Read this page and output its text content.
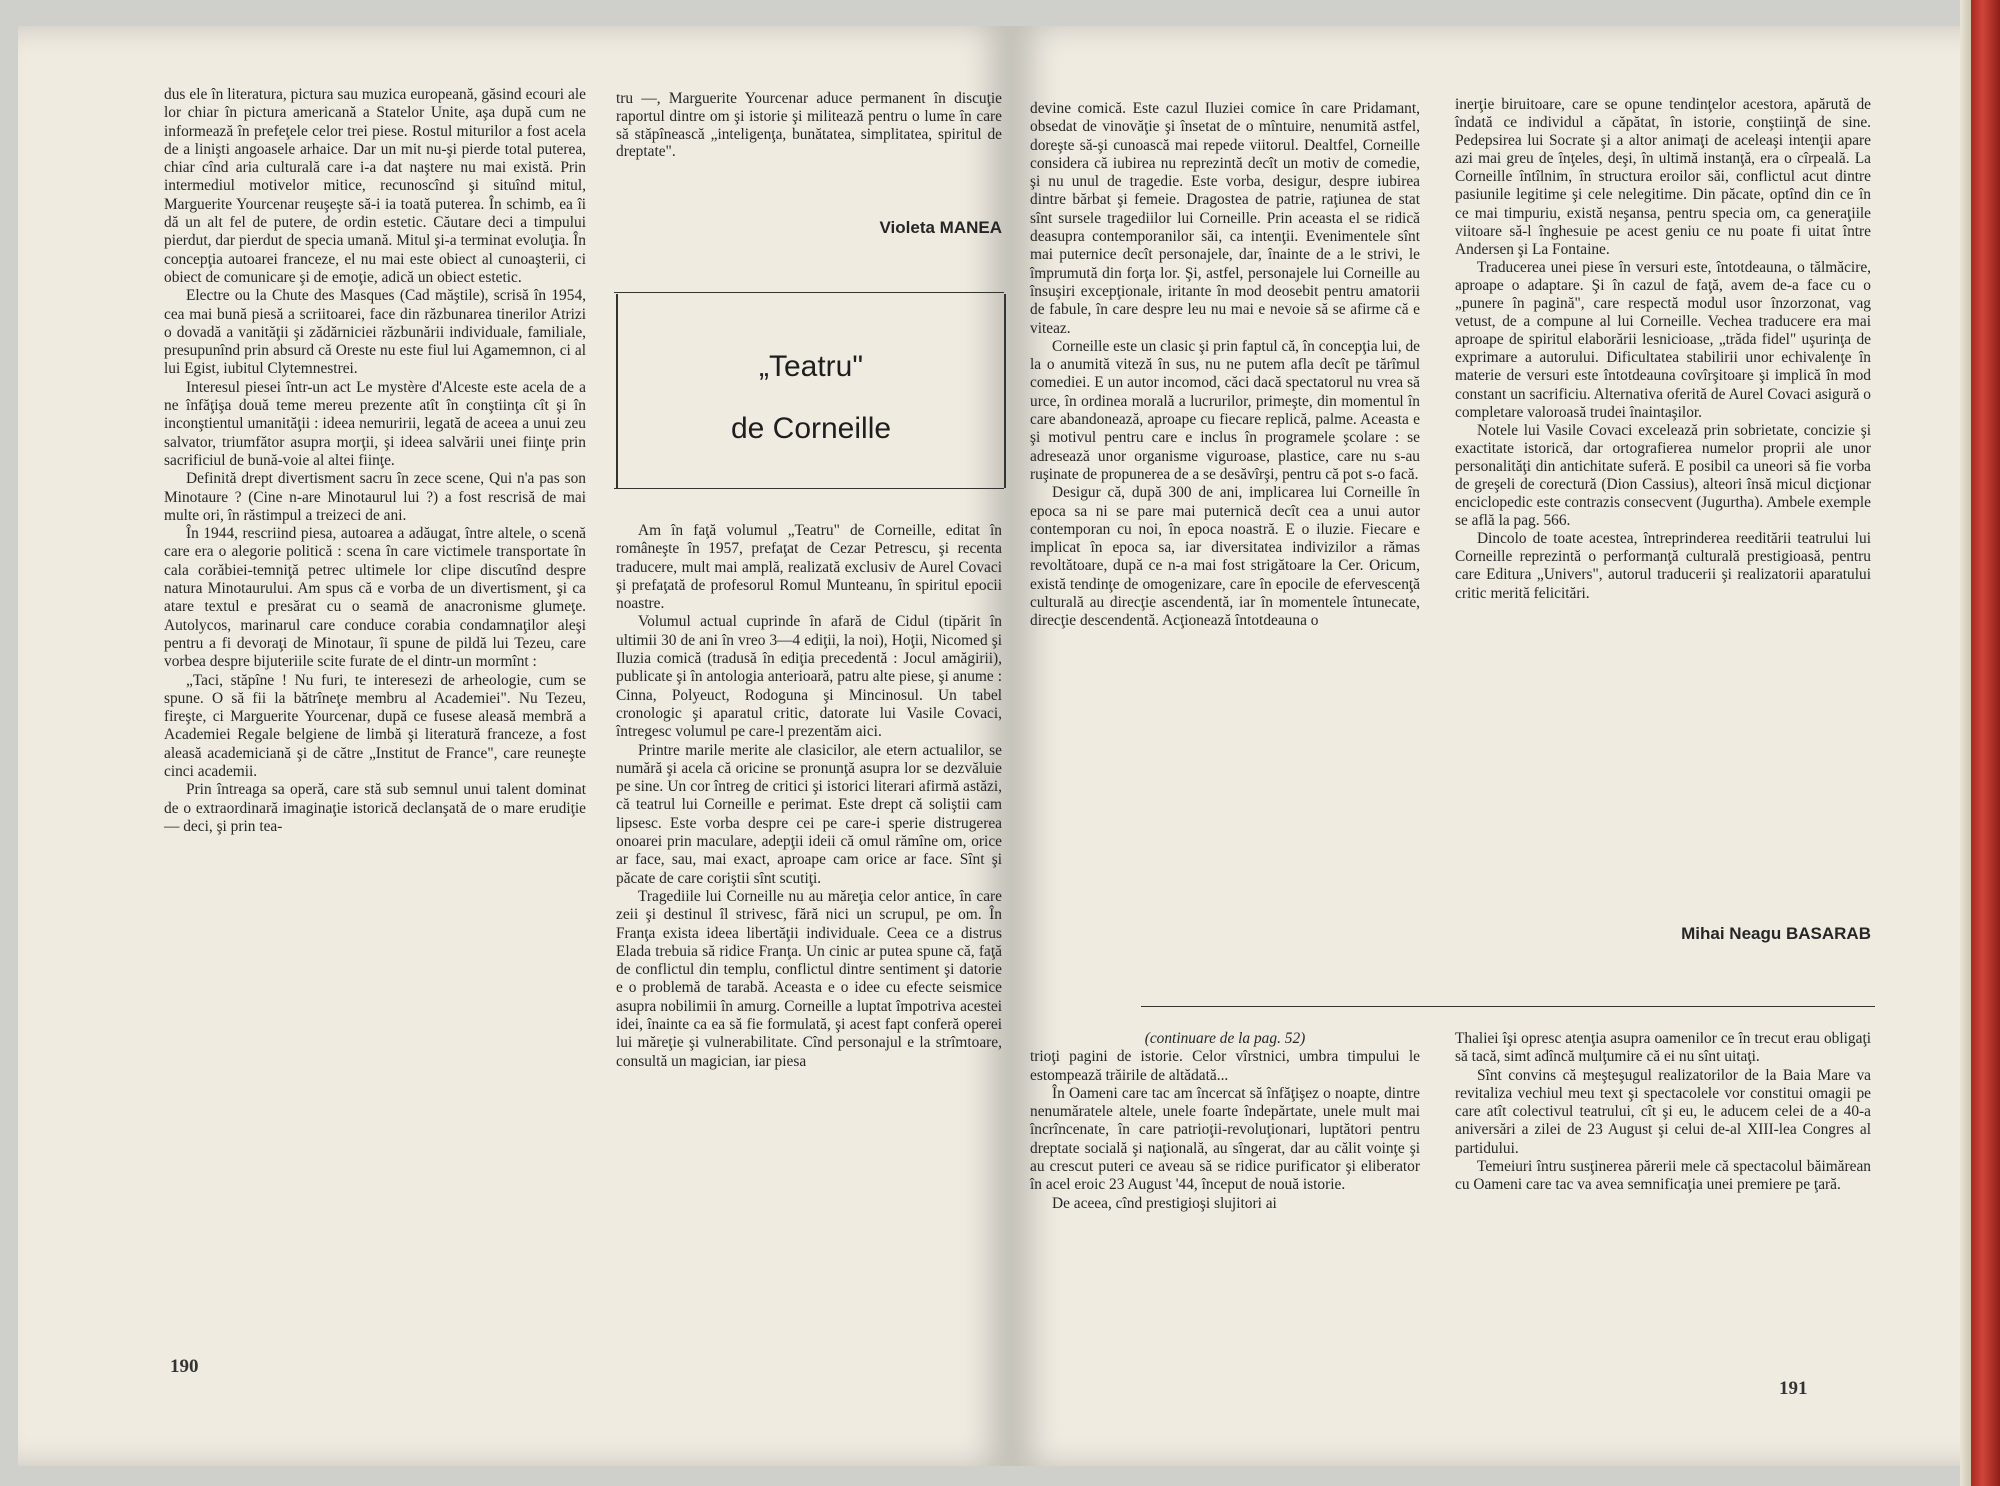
dus ele în literatura, pictura sau muzica europeană, găsind ecouri ale lor chiar în pictura americană a Statelor Unite, aşa după cum ne informează în prefeţele celor trei piese. Rostul miturilor a fost acela de a linişti angoasele arhaice. Dar un mit nu-şi pierde total puterea, chiar cînd aria culturală care i-a dat naştere nu mai există. Prin intermediul motivelor mitice, recunoscînd şi situînd mitul, Marguerite Yourcenar reuşeşte să-i ia toată puterea. În schimb, ea îi dă un alt fel de putere, de ordin estetic. Căutare deci a timpului pierdut, dar pierdut de specia umană. Mitul şi-a terminat evoluţia. În concepţia autoarei franceze, el nu mai este obiect al cunoaşterii, ci obiect de comunicare şi de emoţie, adică un obiect estetic.

Electre ou la Chute des Masques (Cad măştile), scrisă în 1954, cea mai bună piesă a scriitoarei, face din răzbunarea tinerilor Atrizi o dovadă a vanităţii şi zădărniciei răzbunării individuale, familiale, presupunînd prin absurd că Oreste nu este fiul lui Agamemnon, ci al lui Egist, iubitul Clytemnestrei.

Interesul piesei într-un act Le mystère d'Alceste este acela de a ne înfăţişa două teme mereu prezente atît în conştiinţa cît şi în inconştientul umanităţii : ideea nemuririi, legată de aceea a unui zeu salvator, triumfător asupra morţii, şi ideea salvării unei fiinţe prin sacrificiul de bună-voie al altei fiinţe.

Definită drept divertisment sacru în zece scene, Qui n'a pas son Minotaure ? (Cine n-are Minotaurul lui ?) a fost rescrisă de mai multe ori, în răstimpul a treizeci de ani.

În 1944, rescriind piesa, autoarea a adăugat, între altele, o scenă care era o alegorie politică : scena în care victimele transportate în cala corăbiei-temniţă petrec ultimele lor clipe discutînd despre natura Minotaurului. Am spus că e vorba de un divertisment, şi ca atare textul e presărat cu o seamă de anacronisme glumeţe. Autolycos, marinarul care conduce corabia condamnaţilor aleşi pentru a fi devoraţi de Minotaur, îi spune de pildă lui Tezeu, care vorbea despre bijuteriile scite furate de el dintr-un mormînt :

„Taci, stăpîne ! Nu furi, te interesezi de arheologie, cum se spune. O să fii la bătrîneţe membru al Academiei". Nu Tezeu, fireşte, ci Marguerite Yourcenar, după ce fusese aleasă membră a Academiei Regale belgiene de limbă şi literatură franceze, a fost aleasă academiciană şi de către „Institut de France", care reuneşte cinci academii.

Prin întreaga sa operă, care stă sub semnul unui talent dominat de o extraordinară imaginaţie istorică declanşată de o mare erudiţie — deci, şi prin tea-

tru —, Marguerite Yourcenar aduce permanent în discuţie raportul dintre om şi istorie şi militează pentru o lume în care să stăpînească „inteligenţa, bunătatea, simplitatea, spiritul de dreptate".

Violeta MANEA
„Teatru"
de Corneille

Am în faţă volumul „Teatru" de Corneille, editat în româneşte în 1957, prefaţat de Cezar Petrescu, şi recenta traducere, mult mai amplă, realizată exclusiv de Aurel Covaci şi prefaţată de profesorul Romul Munteanu, în spiritul epocii noastre.

Volumul actual cuprinde în afară de Cidul (tipărit în ultimii 30 de ani în vreo 3—4 ediţii, la noi), Hoţii, Nicomed şi Iluzia comică (tradusă în ediţia precedentă : Jocul amăgirii), publicate şi în antologia anterioară, patru alte piese, şi anume : Cinna, Polyeuct, Rodoguna şi Mincinosul. Un tabel cronologic şi aparatul critic, datorate lui Vasile Covaci, întregesc volumul pe care-l prezentăm aici.

Printre marile merite ale clasicilor, ale etern actualilor, se numără şi acela că oricine se pronunţă asupra lor se dezvăluie pe sine. Un cor întreg de critici şi istorici literari afirmă astăzi, că teatrul lui Corneille e perimat. Este drept că soliştii cam lipsesc. Este vorba despre cei pe care-i sperie distrugerea onoarei prin maculare, adepţii ideii că omul rămîne om, orice ar face, sau, mai exact, aproape cam orice ar face. Sînt şi păcate de care coriştii sînt scutiţi.

Tragediile lui Corneille nu au măreţia celor antice, în care zeii şi destinul îl strivesc, fără nici un scrupul, pe om. În Franţa exista ideea libertăţii individuale. Ceea ce a distrus Elada trebuia să ridice Franţa. Un cinic ar putea spune că, faţă de conflictul din templu, conflictul dintre sentiment şi datorie e o problemă de tarabă. Aceasta e o idee cu efecte seismice asupra nobilimii în amurg. Corneille a luptat împotriva acestei idei, înainte ca ea să fie formulată, şi acest fapt conferă operei lui măreţie şi vulnerabilitate. Cînd personajul e la strîmtoare, consultă un magician, iar piesa

190

devine comică. Este cazul Iluziei comice în care Pridamant, obsedat de vinovăţie şi însetat de o mîntuire, nenumită astfel, doreşte să-şi cunoască mai repede viitorul. Dealtfel, Corneille considera că iubirea nu reprezintă decît un motiv de comedie, şi nu unul de tragedie. Este vorba, desigur, despre iubirea dintre bărbat şi femeie. Dragostea de patrie, raţiunea de stat sînt sursele tragediilor lui Corneille. Prin aceasta el se ridică deasupra contemporanilor săi, ca intenţii. Evenimentele sînt mai puternice decît personajele, dar, înainte de a le strivi, le împrumută din forţa lor. Şi, astfel, personajele lui Corneille au însuşiri excepţionale, iritante în mod deosebit pentru amatorii de fabule, în care despre leu nu mai e nevoie să se afirme că e viteaz.

Corneille este un clasic şi prin faptul că, în concepţia lui, de la o anumită viteză în sus, nu ne putem afla decît pe tărîmul comediei. E un autor incomod, căci dacă spectatorul nu vrea să urce, în ordinea morală a lucrurilor, primeşte, din momentul în care abandonează, aproape cu fiecare replică, palme. Aceasta e şi motivul pentru care e inclus în programele şcolare : se adresează unor organisme viguroase, plastice, care nu s-au ruşinate de propunerea de a se desăvîrşi, pentru că pot s-o facă.

Desigur că, după 300 de ani, implicarea lui Corneille în epoca sa ni se pare mai puternică decît cea a unui autor contemporan cu noi, în epoca noastră. E o iluzie. Fiecare e implicat în epoca sa, iar diversitatea indivizilor a rămas revoltătoare, după ce n-a mai fost strigătoare la Cer. Oricum, există tendinţe de omogenizare, care în epocile de efervescenţă culturală au direcţie ascendentă, iar în momentele întunecate, direcţie descendentă. Acţionează întotdeauna o

inerţie biruitoare, care se opune tendinţelor acestora, apărută de îndată ce individul a căpătat, în istorie, conştiinţă de sine. Pedepsirea lui Socrate şi a altor animaţi de aceleaşi intenţii apare azi mai greu de înţeles, deşi, în ultimă instanţă, era o cîrpeală. La Corneille întîlnim, în structura eroilor săi, conflictul acut dintre pasiunile legitime şi cele nelegitime. Din păcate, optînd din ce în ce mai timpuriu, există neşansa, pentru specia om, ca generaţiile viitoare să-l înghesuie pe acest geniu ce nu poate fi uitat între Andersen şi La Fontaine.

Traducerea unei piese în versuri este, întotdeauna, o tălmăcire, aproape o adaptare. Şi în cazul de faţă, avem de-a face cu o „punere în pagină", care respectă modul usor înzorzonat, vag vetust, de a compune al lui Corneille. Vechea traducere era mai aproape de spiritul elaborării lesnicioase, „trăda fidel" uşurinţa de exprimare a autorului. Dificultatea stabilirii unor echivalenţe în materie de versuri este întotdeauna covîrşitoare şi implică în mod constant un sacrificiu. Alternativa oferită de Aurel Covaci asigură o completare valoroasă trudei înaintaşilor.

Notele lui Vasile Covaci excelează prin sobrietate, concizie şi exactitate istorică, dar ortografierea numelor proprii ale unor personalităţi din antichitate suferă. E posibil ca uneori să fie vorba de greşeli de corectură (Dion Cassius), alteori însă micul dicţionar enciclopedic este contrazis consecvent (Jugurtha). Ambele exemple se află la pag. 566.

Dincolo de toate acestea, întreprinderea reeditării teatrului lui Corneille reprezintă o performanţă culturală prestigioasă, pentru care Editura „Univers", autorul traducerii şi realizatorii aparatului critic merită felicitări.

Mihai Neagu BASARAB

(continuare de la pag. 52)

trioţi pagini de istorie. Celor vîrstnici, umbra timpului le estompează trăirile de altădată...

În Oameni care tac am încercat să înfăţişez o noapte, dintre nenumăratele altele, unele foarte îndepărtate, unele mult mai încrîncenate, în care patrioţii-revoluţionari, luptători pentru dreptate socială şi naţională, au sîngerat, dar au călit voinţe şi au crescut puteri ce aveau să se ridice purificator şi eliberator în acel eroic 23 August '44, început de nouă istorie.

De aceea, cînd prestigioşi slujitori ai

Thaliei îşi opresc atenţia asupra oamenilor ce în trecut erau obligaţi să tacă, simt adîncă mulţumire că ei nu sînt uitaţi.

Sînt convins că meşteşugul realizatorilor de la Baia Mare va revitaliza vechiul meu text şi spectacolele vor constitui omagii pe care atît colectivul teatrului, cît şi eu, le aducem celei de a 40-a aniversări a zilei de 23 August şi celui de-al XIII-lea Congres al partidului.

Temeiuri întru susţinerea părerii mele că spectacolul băimărean cu Oameni care tac va avea semnificaţia unei premiere pe ţară.

191
